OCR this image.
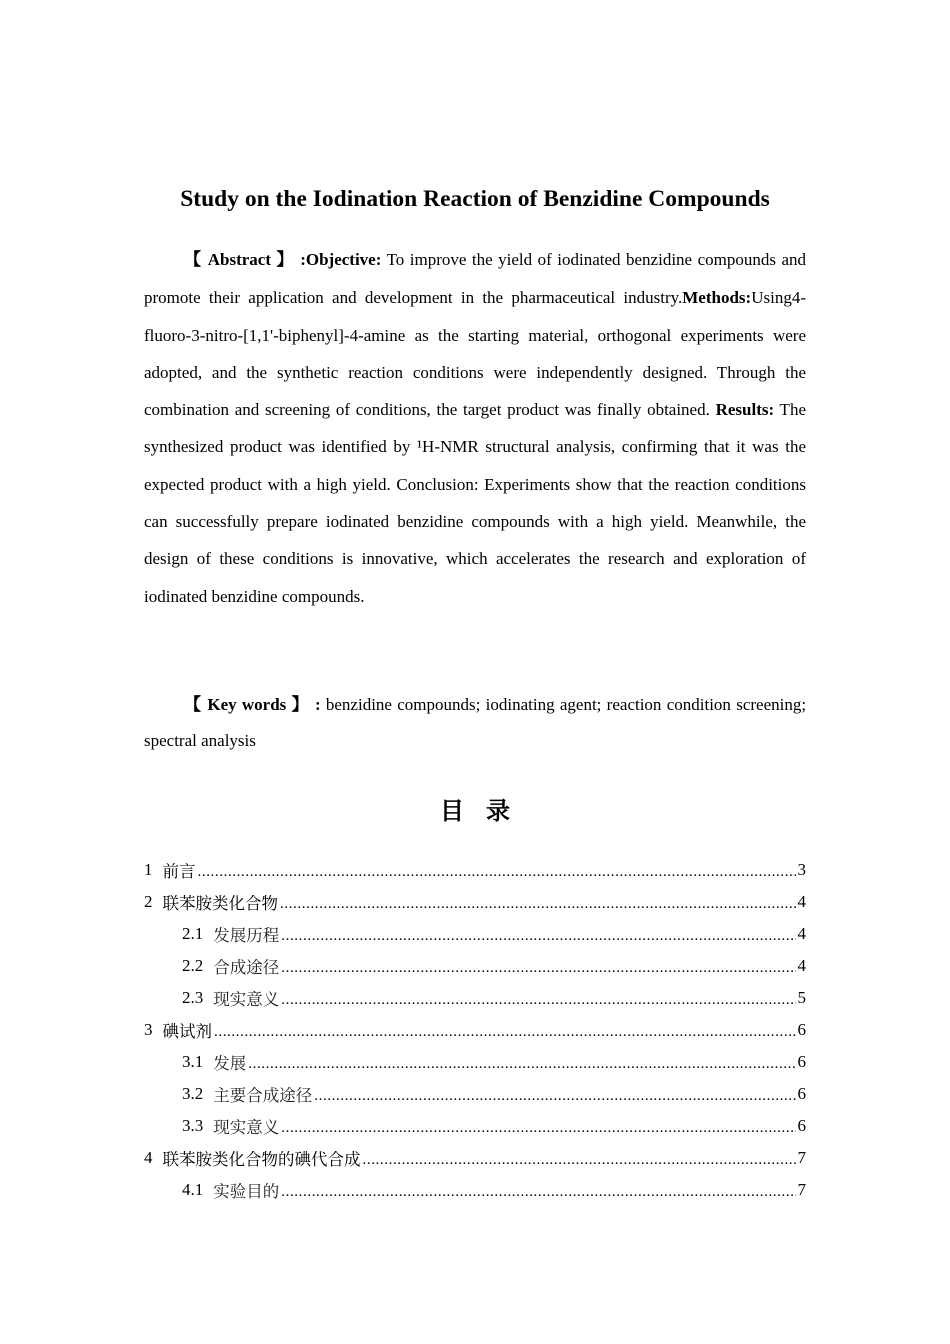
Study on the Iodination Reaction of Benzidine Compounds

【 Abstract 】 :Objective: To improve the yield of iodinated benzidine compounds and promote their application and development in the pharmaceutical industry.Methods:Using4-fluoro-3-nitro-[1,1'-biphenyl]-4-amine as the starting material, orthogonal experiments were adopted, and the synthetic reaction conditions were independently designed. Through the combination and screening of conditions, the target product was finally obtained. Results: The synthesized product was identified by ¹H-NMR structural analysis, confirming that it was the expected product with a high yield. Conclusion: Experiments show that the reaction conditions can successfully prepare iodinated benzidine compounds with a high yield. Meanwhile, the design of these conditions is innovative, which accelerates the research and exploration of iodinated benzidine compounds.

【 Key words 】 : benzidine compounds; iodinating agent; reaction condition screening; spectral analysis

目录
1 前言 .....	3
2 联苯胺类化合物 .....	4
2.1 发展历程 .....	4
2.2 合成途径 .....	4
2.3 现实意义 .....	5
3 碘试剂 .....	6
3.1 发展 .....	6
3.2 主要合成途径 .....	6
3.3 现实意义 .....	6
4 联苯胺类化合物的碘代合成 .....	7
4.1 实验目的 .....	7
